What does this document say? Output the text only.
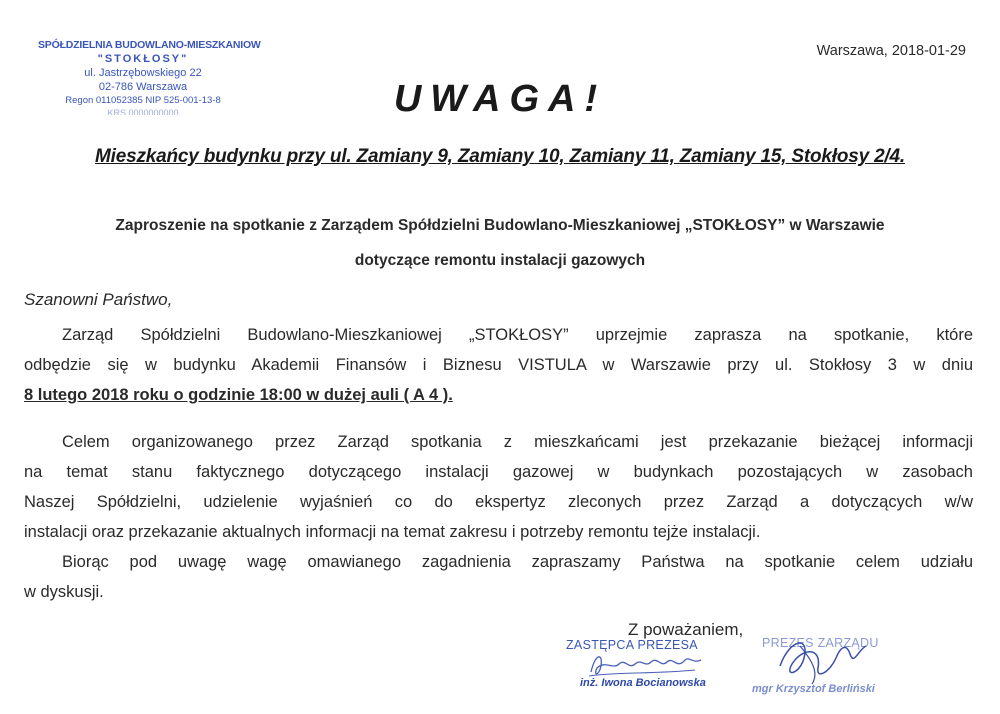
SPÓŁDZIELNIA BUDOWLANO-MIESZKANIOW
"STOKŁOSY"
ul. Jastrzębowskiego 22
02-786 Warszawa
Regon 011052385 NIP 525-001-13-8
KRS 0000000000
Warszawa, 2018-01-29
UWAGA!
Mieszkańcy budynku przy ul. Zamiany 9, Zamiany 10, Zamiany 11, Zamiany 15, Stokłosy 2/4.
Zaproszenie na spotkanie z Zarządem Spółdzielni Budowlano-Mieszkaniowej „STOKŁOSY” w Warszawie
dotyczące remontu instalacji gazowych
Szanowni Państwo,
Zarząd Spółdzielni Budowlano-Mieszkaniowej „STOKŁOSY” uprzejmie zaprasza na spotkanie, które
odbędzie się w budynku Akademii Finansów i Biznesu VISTULA w Warszawie przy ul. Stokłosy 3 w dniu
8 lutego 2018 roku o godzinie 18:00 w dużej auli ( A 4 ).
Celem organizowanego przez Zarząd spotkania z mieszkańcami jest przekazanie bieżącej informacji
na temat stanu faktycznego dotyczącego instalacji gazowej w budynkach pozostających w zasobach
Naszej Spółdzielni, udzielenie wyjaśnień co do ekspertyz zleconych przez Zarząd a dotyczących w/w
instalacji oraz przekazanie aktualnych informacji na temat zakresu i potrzeby remontu tejże instalacji.
Biorąc pod uwagę wagę omawianego zagadnienia zapraszamy Państwa na spotkanie celem udziału
w dyskusji.
Z poważaniem,
ZASTĘPCA PREZESA
inż. Iwona Bocianowska
PREZES ZARZĄDU
mgr Krzysztof Berliński
